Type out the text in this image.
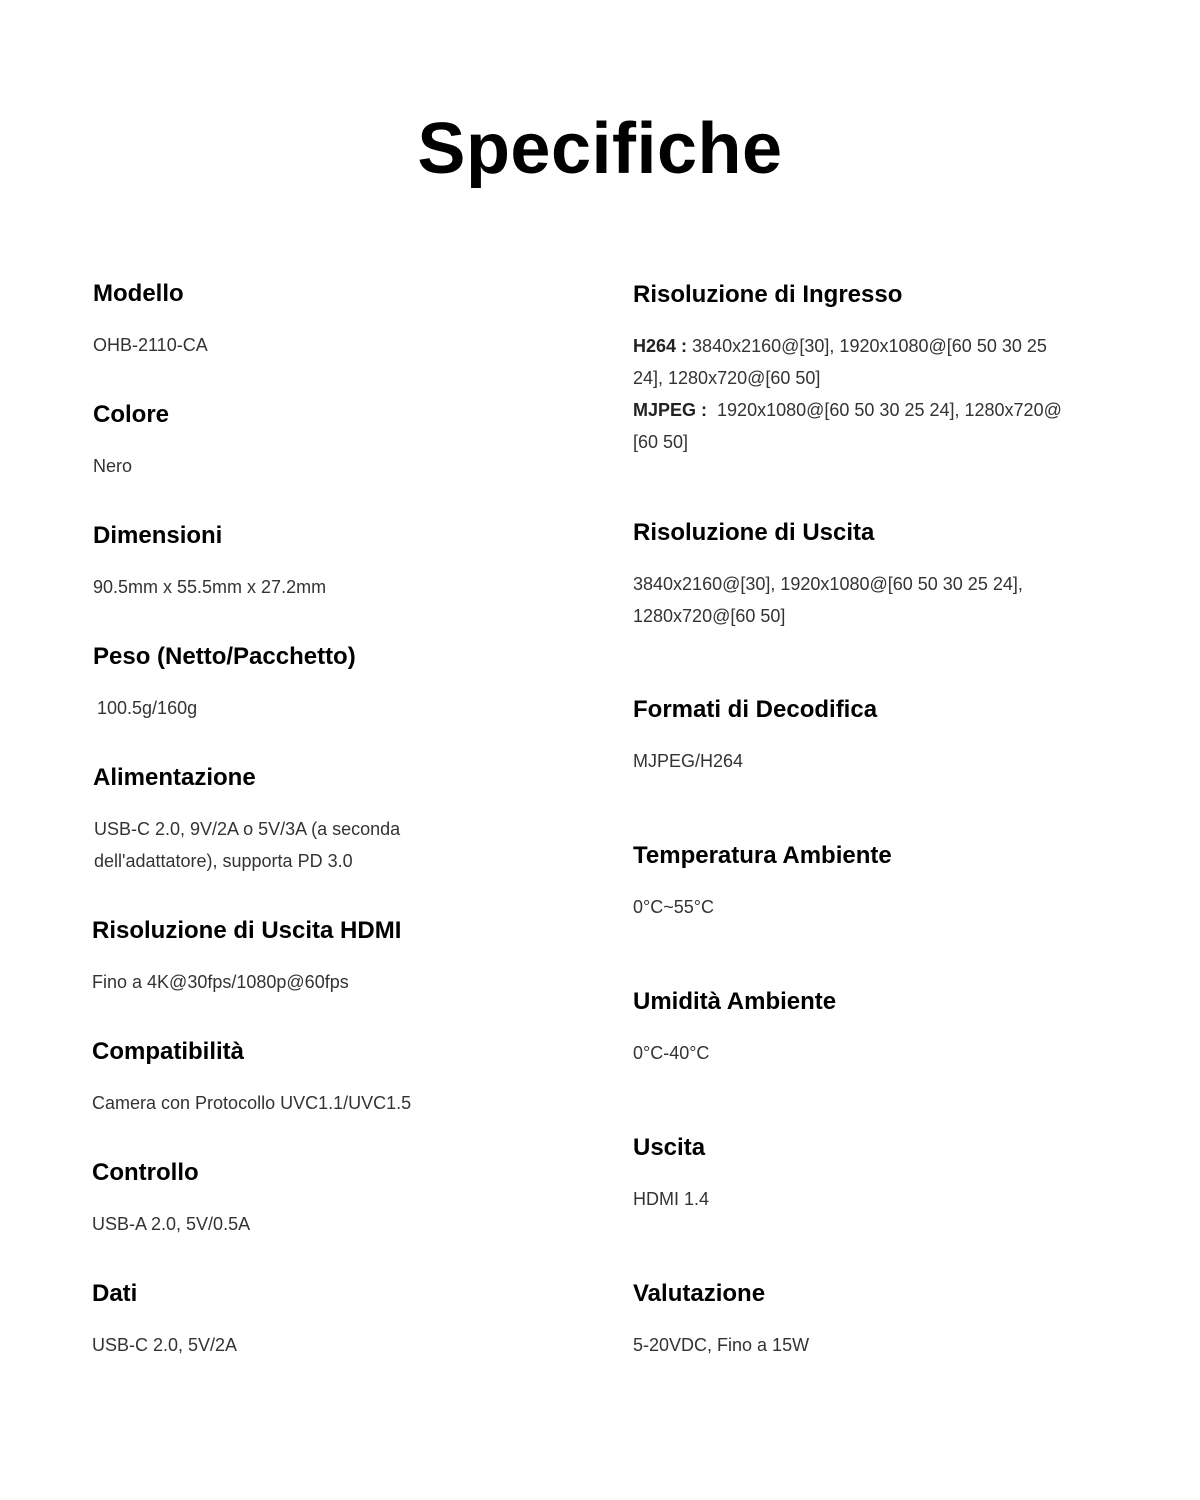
Specifiche

Modello

OHB-2110-CA

Colore

Nero

Dimensioni

90.5mm x 55.5mm x 27.2mm

Peso (Netto/Pacchetto)

100.5g/160g

Alimentazione

USB-C 2.0, 9V/2A o 5V/3A (a seconda
dell'adattatore), supporta PD 3.0

Risoluzione di Uscita HDMI

Fino a 4K@30fps/1080p@60fps

Compatibilità

Camera con Protocollo UVC1.1/UVC1.5

Controllo

USB-A 2.0, 5V/0.5A

Dati

USB-C 2.0, 5V/2A

Risoluzione di Ingresso

H264 : 3840x2160@[30], 1920x1080@[60 50 30 25
24], 1280x720@[60 50]
MJPEG : 1920x1080@[60 50 30 25 24], 1280x720@
[60 50]

Risoluzione di Uscita

3840x2160@[30], 1920x1080@[60 50 30 25 24],
1280x720@[60 50]

Formati di Decodifica

MJPEG/H264

Temperatura Ambiente

0°C~55°C

Umidità Ambiente

0°C-40°C

Uscita

HDMI 1.4

Valutazione

5-20VDC, Fino a 15W
